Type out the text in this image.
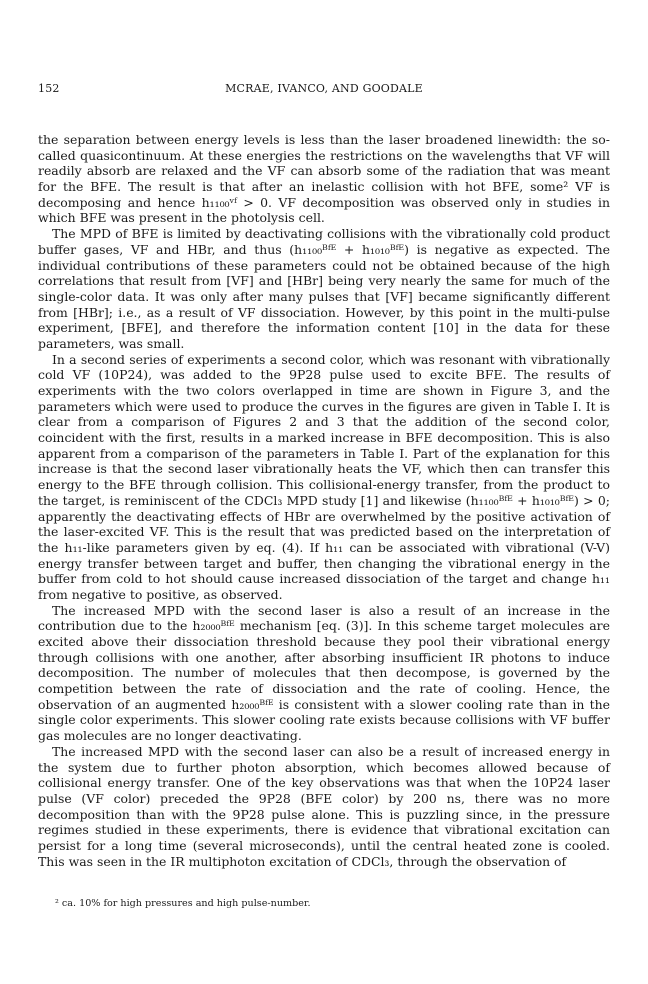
152	MCRAE, IVANCO, AND GOODALE

the separation between energy levels is less than the laser broadened linewidth: the so-called quasicontinuum. At these energies the restrictions on the wavelengths that VF will readily absorb are relaxed and the VF can absorb some of the radiation that was meant for the BFE. The result is that after an inelastic collision with hot BFE, some² VF is decomposing and hence h₁₁₀₀ᵛᶠ > 0. VF decomposition was observed only in studies in which BFE was present in the photolysis cell.

The MPD of BFE is limited by deactivating collisions with the vibrationally cold product buffer gases, VF and HBr, and thus (h₁₁₀₀ᴮᶠᴱ + h₁₀₁₀ᴮᶠᴱ) is negative as expected. The individual contributions of these parameters could not be obtained because of the high correlations that result from [VF] and [HBr] being very nearly the same for much of the single-color data. It was only after many pulses that [VF] became significantly different from [HBr]; i.e., as a result of VF dissociation. However, by this point in the multi-pulse experiment, [BFE], and therefore the information content [10] in the data for these parameters, was small.

In a second series of experiments a second color, which was resonant with vibrationally cold VF (10P24), was added to the 9P28 pulse used to excite BFE. The results of experiments with the two colors overlapped in time are shown in Figure 3, and the parameters which were used to produce the curves in the figures are given in Table I. It is clear from a comparison of Figures 2 and 3 that the addition of the second color, coincident with the first, results in a marked increase in BFE decomposition. This is also apparent from a comparison of the parameters in Table I. Part of the explanation for this increase is that the second laser vibrationally heats the VF, which then can transfer this energy to the BFE through collision. This collisional-energy transfer, from the product to the target, is reminiscent of the CDCl₃ MPD study [1] and likewise (h₁₁₀₀ᴮᶠᴱ + h₁₀₁₀ᴮᶠᴱ) > 0; apparently the deactivating effects of HBr are overwhelmed by the positive activation of the laser-excited VF. This is the result that was predicted based on the interpretation of the h₁₁-like parameters given by eq. (4). If h₁₁ can be associated with vibrational (V-V) energy transfer between target and buffer, then changing the vibrational energy in the buffer from cold to hot should cause increased dissociation of the target and change h₁₁ from negative to positive, as observed.

The increased MPD with the second laser is also a result of an increase in the contribution due to the h₂₀₀₀ᴮᶠᴱ mechanism [eq. (3)]. In this scheme target molecules are excited above their dissociation threshold because they pool their vibrational energy through collisions with one another, after absorbing insufficient IR photons to induce decomposition. The number of molecules that then decompose, is governed by the competition between the rate of dissociation and the rate of cooling. Hence, the observation of an augmented h₂₀₀₀ᴮᶠᴱ is consistent with a slower cooling rate than in the single color experiments. This slower cooling rate exists because collisions with VF buffer gas molecules are no longer deactivating.

The increased MPD with the second laser can also be a result of increased energy in the system due to further photon absorption, which becomes allowed because of collisional energy transfer. One of the key observations was that when the 10P24 laser pulse (VF color) preceded the 9P28 (BFE color) by 200 ns, there was no more decomposition than with the 9P28 pulse alone. This is puzzling since, in the pressure regimes studied in these experiments, there is evidence that vibrational excitation can persist for a long time (several microseconds), until the central heated zone is cooled. This was seen in the IR multiphoton excitation of CDCl₃, through the observation of

² ca. 10% for high pressures and high pulse-number.
